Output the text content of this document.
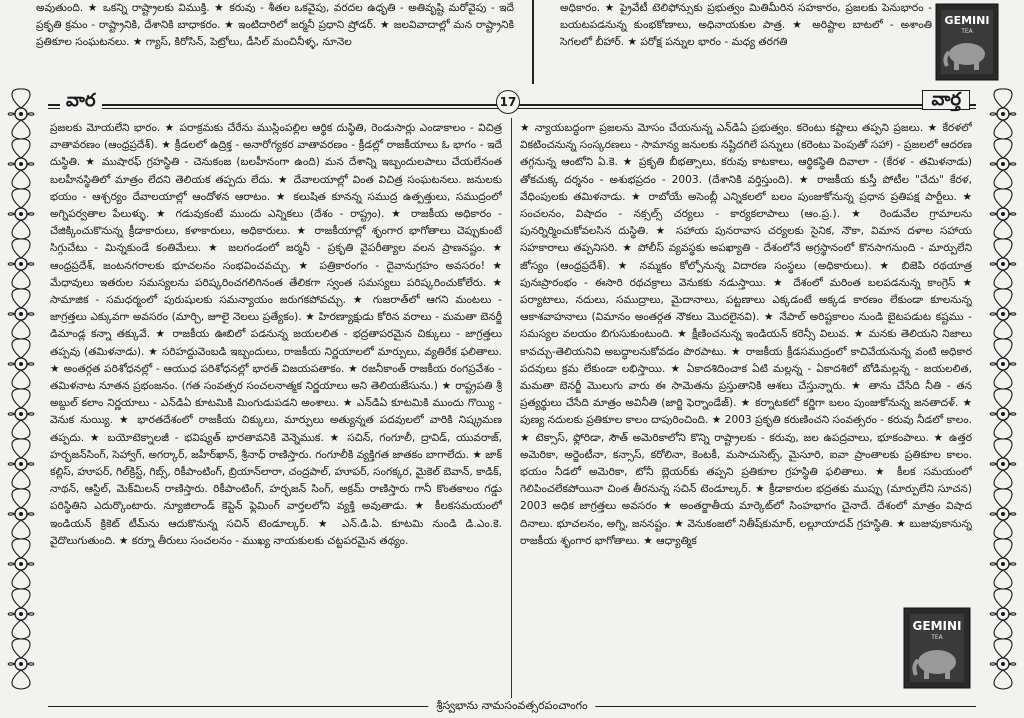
అవుతుంది. ★ ఒకన్ని రాష్ట్రాలకు విముక్తి. ★ కరువు - శీతల ఒకవైపు, వరదల ఉధృతి - అతివృష్టి మరోవైపు - ఇదే ప్రకృతి క్రమం - రాష్ట్రానికి, దేశానికి బాధాకరం. ★ ఇంటిదారిలో జర్మనీ ప్రధాని ష్రోడర్. ★ జలవివాదాల్లో మన రాష్ట్రానికి ప్రతికూల సంఘటనలు. ★ గ్యాస్, కిరోసిన్, పెట్రోలు, డీసిల్ మంచినీళ్ళ, నూనెల
అధికారం. ★ ప్రైవేటీ టెలిఫోన్సుకు ప్రభుత్వం మితిమీరిన సహకారం, ప్రజలకు పెనుభారం - బయటపడనున్న కుంభకోణాలు, అధినాయకుల పాత్ర. ★ అరిష్టాల బాటలో - అశాంతి సెగలలో బీహార్. ★ పరోక్ష పన్నుల భారం - మధ్య తరగతి
GEMINI
TEA
వార	17	వార్త
ప్రజలకు మోయలేని భారం. ★ పరాక్రమకు చేరేను ముస్లింపల్లిల ఆర్థిక దుస్థితి, రెండుసార్లు ఎండాకాలం - విచిత్ర వాతావరణం (ఆంధ్రప్రదేశ్). ★ క్రీడలలో ఉద్రిక్త - అనారోగ్యకర వాతావరణం - క్రీడల్లో రాజకీయాలు ఓ భాగం - ఇదే దుస్థితి. ★ ముషారఫ్ గ్రహస్థితి - చెనుకంజ (బలహీనంగా ఉంది) మన దేశాన్ని ఇబ్బందులపాలు చేయలేనంత బలహీనస్థితిలో మాత్రం లేదని తెలియక తప్పదు లేదు. ★ దేవాలయాల్లో వింత విచిత్ర సంఘటనలు. జనులకు భయం - ఆశ్చర్యం దేవాలయాల్లో ఆందోళన ఆరాటం. ★ కలుషిత కూనన్న సముద్ర ఉత్పత్తులు, సముద్రంలో అగ్నిపర్వతాల పేలుళ్ళు. ★ గడువుకంటే ముందు ఎన్నికలు (దేశం - రాష్ట్రం). ★ రాజకీయ అధికారం - చేజిక్కించుకొనున్న క్రీడాకారులు, కళాకారులు, అధికారులు. ★ రాజకీయాల్లో శృంగార భాగోతాలు చెప్పుకుంటే సిగ్గుచేటు - మిన్నకుండే కంతిమేలు. ★ జలగండంలో జర్మనీ - ప్రకృతి వైపరీత్యాల వలన ప్రాణనష్టం. ★ ఆంధ్రప్రదేశ్, జంటనగరాలకు భూచలనం సంభవించవచ్చు. ★ పత్రికారంగం - దైవానుగ్రహం అవసరం! ★ మేధావులు ఇతరుల సమస్యలను పరిష్కరించగలిగినంత తేలికగా స్వంత సమస్యలు పరిష్కరించుకోలేరు. ★ సామాజిక - సమధర్మంలో పురుషులకు సమన్యాయం జరుగకపోవచ్చు. ★ గుజరాత్‌లో ఆగని మంటలు - జాగ్రత్తలు ఎక్కువగా అవసరం (మార్చి, జూలై నెలలు ప్రత్యేకం). ★ హిరణ్యాక్షుడు కోరిన వరాలు - మమతా బెనర్జీ డిమాండ్ల కన్నా తక్కువే. ★ రాజకీయ ఊబిలో పడనున్న జయలలిత - భద్రతాపరమైన చిక్కులు - జాగ్రత్తలు తప్పవు (తమిళనాడు). ★ సరిహద్దువెంబడి ఇబ్బందులు, రాజకీయ నిర్ణయాలలో మార్పులు, వ్యతిరేక ఫలితాలు. ★ అంతర్గత పరిశోధనల్లో - ఆయుధ పరిశోధనల్లో భారత్ విజయపతాకం. ★ రజనీకాంత్ రాజకీయ రంగప్రవేశం - తమిళనాట నూతన ప్రభంజనం. (గత సంవత్సర సంచలనాత్మక నిర్ణయాలు అని తెలియజేసును.) ★ రాష్ట్రపతి శ్రీ అబ్దుల్ కలాం నిర్ణయాలు - ఎన్‌డిఏ కూటమికి మింగుడుపడని అంశాలు. ★ ఎన్‌డిఏ కూటమికి ముందు గొయ్యి - వెనుక నుయ్యి. ★ భారతదేశంలో రాజకీయ చిక్కులు, మార్పులు అత్యున్నత పదవులలో వారికి నిష్క్రమణ తప్పదు. ★ బయోటెక్నాలజీ - భవిష్యత్ భారతావనికి వెన్నెముక. ★ సచిన్, గంగూలీ, ద్రావిడ్, యువరాజ్, హర్భజన్‌సింగ్, సెహ్వాగ్, అగర్కార్, జహీర్‌ఖాన్, శ్రీనాధ్ రాణిస్తారు. గంగూలీకి వ్యక్తిగత జాతకం బాగాలేదు. ★ జాక్ కల్లిస్, హూపర్, గిల్‌క్రిస్ట్, గిబ్స్, రికీపాంటింగ్, బ్రియాన్‌లారా, చంద్రపాల్, హూపర్, సంగక్కర, మైకెల్ బెవాన్, కాడిక్, నాథన్, ఆస్టిల్, మెక్‌మిలన్ రాణిస్తారు. రికీపాంటింగ్, హర్భజన్ సింగ్, అక్రమ్ రాణిస్తారు గానీ కొంతకాలం గడ్డు పరిస్థితిని ఎదుర్కొంటారు. న్యూజిలాండ్ కెప్టెన్ ఫ్లెమింగ్ వార్తలలోని వ్యక్తి అవుతాడు. ★ కీలకసమయంలో ఇండియన్ క్రికెట్ టీమ్‌ను ఆదుకొనున్న సచిన్ టెండూల్కర్. ★ ఎన్.డి.ఏ. కూటమి నుండి డి.ఎం.కె. వైదొలుగుతుంది. ★ కర్నూ తీరులు సంచలనం - ముఖ్య నాయకులకు చట్టపరమైన తథ్యం.
★ న్యాయబద్ధంగా ప్రజలను మోసం చేయనున్న ఎన్‌డిఏ ప్రభుత్వం. కరెంటు కష్టాలు తప్పని ప్రజలు. ★ కేరళలో వికటించనున్న సంస్కరణలు - సామాన్య జనులకు నష్టిదగిలే పన్నులు (కరెంటు పెంపుతో సహా) - ప్రజలలో ఆదరణ తగ్గనున్న ఆంటోని ఏ.కె. ★ ప్రకృతి బీభత్సాలు, కరువు కాటకాలు, ఆర్థికస్థితి దివాలా - (కేరళ - తమిళనాడు) తోకచుక్క దర్శనం - అశుభప్రదం - 2003. (దేశానికి వర్తిస్తుంది). ★ రాజకీయ కుస్తీ పోటీల "చేదు" కేరళ, వేధింపులకు తమిళనాడు. ★ రాబోయే అసెంబ్లీ ఎన్నికలలో బలం పుంజుకోనున్న ప్రధాన ప్రతిపక్ష పార్టీలు. ★ సంచలనం, విషాదం - నక్సల్స్ చర్యలు - కార్యకలాపాలు (ఆం.ప్ర.). ★ రెండువేల గ్రామాలను పునర్నిర్మించుకోవలసిన దుస్థితి. ★ సహాయ పునరావాస చర్యలకు సైనిక, నౌకా, విమాన దళాల సహాయ సహకారాలు తప్పనిసరి. ★ పోలీస్ వ్యవస్థకు అపఖ్యాతి - దేశంలోనే అగ్రస్థానంలో కొనసాగనుంది - మార్పులేని జోస్యం (ఆంధ్రప్రదేశ్). ★ నమ్మకం కోల్పోనున్న విదారణ సంస్థలు (అధికారులు). ★ బిజెపి రథయాత్ర పునఃప్రారంభం - ఈసారి రథచక్రాలు వెనుకకు నడుస్తాయి. ★ దేశంలో మరింత బలపడనున్న కాంగ్రెస్ ★ పర్యాటాలు, నదులు, సముద్రాలు, మైదానాలు, పట్టణాలు ఎక్కడంటే అక్కడ కారణం లేకుండా కూలనున్న ఆకాశవాహనాలు (విమానం అంతర్గత నౌకలు మొదలైనవి). ★ నేపాల్ అరిష్టకాలం నుండి బైటపడుట కష్టము - సమస్యల వలయం బిగుసుకుంటుంది. ★ క్షీణించనున్న ఇండియన్ కరెన్సీ విలువ. ★ మనకు తెలియని నిజాలు కావచ్చు-తెలియనివి అబద్ధాలనుకోవడం పొరపాటు. ★ రాజకీయ క్రీడసముద్రంలో కాచివేయనున్న వంటి అధికార పదవులు క్రమ లేకుండా లభిస్తాయి. ★ ఏకాదశిదించాక ఏటి మల్లన్న - ఏకాదశిలో బోడిమల్లన్న - జయలలిత, మమతా బెనర్జీ మొలుగు వారు ఈ సామెతను ప్రస్తుతానికి ఆశలు చేస్తున్నారు. ★ తాను చేసేది నీతి - తన ప్రత్యర్థులు చేసేది మాత్రం అవినీతి (జార్జి ఫెర్నాండేజ్). ★ కర్నాటకలో కర్ణిగా బలం పుంజుకోనున్న జనతాదళ్. ★ పుణ్య నదులకు ప్రతికూల కాలం దాపురించింది. ★ 2003 ప్రకృతి కరుణించని సంవత్సరం - కరువు నీడలో కాలం. ★ టెక్సాస్, ఫ్లోరిడా, సౌత్ అమెరికాలోని కొన్ని రాష్ట్రాలకు - కరువు, జల ఉపద్రవాలు, భూకంపాలు. ★ ఉత్తర అమెరికా, అర్జెంటీనా, కన్సాస్, కరోలినా, కెంటకీ, మసాచుసెట్స్, మైసూరి, ఐవా ప్రాంతాలకు ప్రతికూల కాలం. భయం నీడలో అమెరికా, టోనీ బ్లెయర్‌కు తప్పని ప్రతికూల గ్రహస్థితి ఫలితాలు. ★ కీలక సమయంలో గెలిపించలేకపోయినా చింత తీరనున్న సచిన్ టెండూల్కర్. ★ క్రీడాకారుల భద్రతకు ముప్పు (మార్పులేని సూచన) 2003 అధిక జాగ్రత్తలు అవసరం ★ అంతర్జాతీయ మార్కెట్‌లో సింహభాగం చైనాదే. దేశంలో మాత్రం విషాద దినాలు. భూచలనం, అగ్ని, జననష్టం. ★ వెనుకంజలో నితీష్‌కుమార్, లల్లూయాదవ్ గ్రహస్థితి. ★ బుజువుకానున్న రాజకీయ శృంగార భాగోతాలు. ★ ఆధ్యాత్మిక
GEMINI
TEA
శ్రీస్వభాను నామసంవత్సరపంచాంగం
